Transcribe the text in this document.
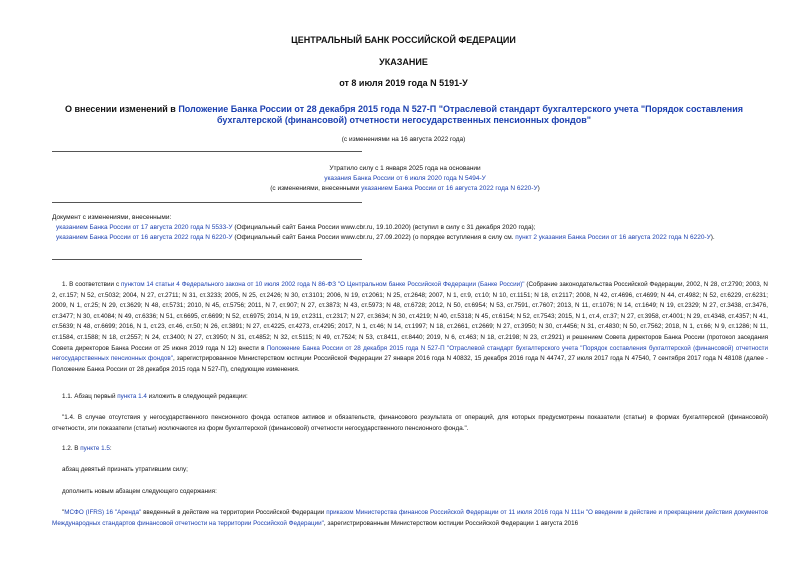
ЦЕНТРАЛЬНЫЙ БАНК РОССИЙСКОЙ ФЕДЕРАЦИИ
УКАЗАНИЕ
от 8 июля 2019 года N 5191-У
О внесении изменений в Положение Банка России от 28 декабря 2015 года N 527-П "Отраслевой стандарт бухгалтерского учета "Порядок составления бухгалтерской (финансовой) отчетности негосударственных пенсионных фондов"
(с изменениями на 16 августа 2022 года)
Утратило силу с 1 января 2025 года на основании
указания Банка России от 6 июля 2020 года N 5494-У
(с изменениями, внесенными указанием Банка России от 16 августа 2022 года N 6220-У)

Документ с изменениями, внесенными:

указанием Банка России от 17 августа 2020 года N 5533-У (Официальный сайт Банка России www.cbr.ru, 19.10.2020) (вступил в силу с 31 декабря 2020 года);

указанием Банка России от 16 августа 2022 года N 6220-У (Официальный сайт Банка России www.cbr.ru, 27.09.2022) (о порядке вступления в силу см. пункт 2 указания Банка России от 16 августа 2022 года N 6220-У).

1. В соответствии с пунктом 14 статьи 4 Федерального закона от 10 июля 2002 года N 86-ФЗ "О Центральном банке Российской Федерации (Банке России)" (Собрание законодательства Российской Федерации, 2002, N 28, ст.2790; 2003, N 2, ст.157; N 52, ст.5032; 2004, N 27, ст.2711; N 31, ст.3233; 2005, N 25, ст.2426; N 30, ст.3101; 2006, N 19, ст.2061; N 25, ст.2648; 2007, N 1, ст.9, ст.10; N 10, ст.1151; N 18, ст.2117; 2008, N 42, ст.4696, ст.4699; N 44, ст.4982; N 52, ст.6229, ст.6231; 2009, N 1, ст.25; N 29, ст.3629; N 48, ст.5731; 2010, N 45, ст.5756; 2011, N 7, ст.907; N 27, ст.3873; N 43, ст.5973; N 48, ст.6728; 2012, N 50, ст.6954; N 53, ст.7591, ст.7607; 2013, N 11, ст.1076; N 14, ст.1649; N 19, ст.2329; N 27, ст.3438, ст.3476, ст.3477; N 30, ст.4084; N 49, ст.6336; N 51, ст.6695, ст.6699; N 52, ст.6975; 2014, N 19, ст.2311, ст.2317; N 27, ст.3634; N 30, ст.4219; N 40, ст.5318; N 45, ст.6154; N 52, ст.7543; 2015, N 1, ст.4, ст.37; N 27, ст.3958, ст.4001; N 29, ст.4348, ст.4357; N 41, ст.5639; N 48, ст.6699; 2016, N 1, ст.23, ст.46, ст.50; N 26, ст.3891; N 27, ст.4225, ст.4273, ст.4295; 2017, N 1, ст.46; N 14, ст.1997; N 18, ст.2661, ст.2669; N 27, ст.3950; N 30, ст.4456; N 31, ст.4830; N 50, ст.7562; 2018, N 1, ст.66; N 9, ст.1286; N 11, ст.1584, ст.1588; N 18, ст.2557; N 24, ст.3400; N 27, ст.3950; N 31, ст.4852; N 32, ст.5115; N 49, ст.7524; N 53, ст.8411, ст.8440; 2019, N 6, ст.463; N 18, ст.2198; N 23, ст.2921) и решением Совета директоров Банка России (протокол заседания Совета директоров Банка России от 25 июня 2019 года N 12) внести в Положение Банка России от 28 декабря 2015 года N 527-П "Отраслевой стандарт бухгалтерского учета "Порядок составления бухгалтерской (финансовой) отчетности негосударственных пенсионных фондов", зарегистрированное Министерством юстиции Российской Федерации 27 января 2016 года N 40832, 15 декабря 2016 года N 44747, 27 июля 2017 года N 47540, 7 сентября 2017 года N 48108 (далее - Положение Банка России от 28 декабря 2015 года N 527-П), следующие изменения.

1.1. Абзац первый пункта 1.4 изложить в следующей редакции:

"1.4. В случае отсутствия у негосударственного пенсионного фонда остатков активов и обязательств, финансового результата от операций, для которых предусмотрены показатели (статьи) в формах бухгалтерской (финансовой) отчетности, эти показатели (статьи) исключаются из форм бухгалтерской (финансовой) отчетности негосударственного пенсионного фонда.".

1.2. В пункте 1.5:

абзац девятый признать утратившим силу;

дополнить новым абзацем следующего содержания:

"МСФО (IFRS) 16 "Аренда" введенный в действие на территории Российской Федерации приказом Министерства финансов Российской Федерации от 11 июля 2016 года N 111н "О введении в действие и прекращении действия документов Международных стандартов финансовой отчетности на территории Российской Федерации", зарегистрированным Министерством юстиции Российской Федерации 1 августа 2016
